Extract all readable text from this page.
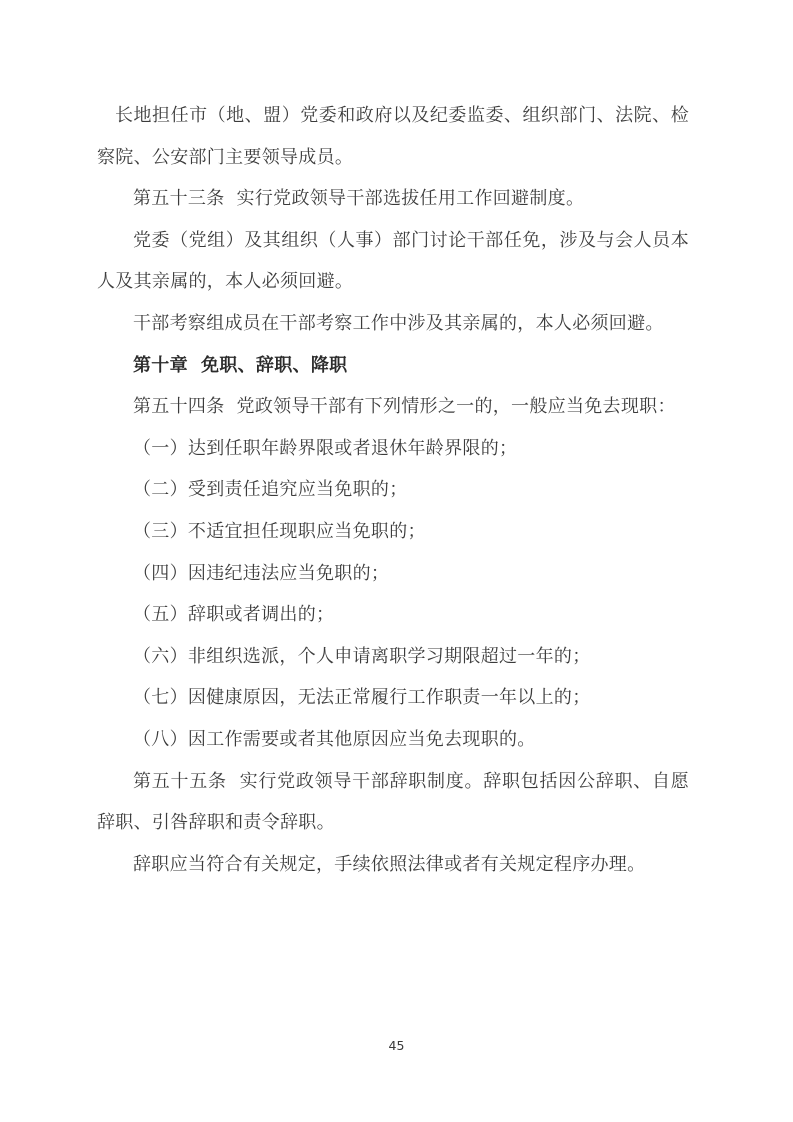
长地担任市（地、盟）党委和政府以及纪委监委、组织部门、法院、检
察院、公安部门主要领导成员。
第五十三条  实行党政领导干部选拔任用工作回避制度。
党委（党组）及其组织（人事）部门讨论干部任免，涉及与会人员本
人及其亲属的，本人必须回避。
干部考察组成员在干部考察工作中涉及其亲属的，本人必须回避。
第十章  免职、辞职、降职
第五十四条  党政领导干部有下列情形之一的，一般应当免去现职：
（一）达到任职年龄界限或者退休年龄界限的；
（二）受到责任追究应当免职的；
（三）不适宜担任现职应当免职的；
（四）因违纪违法应当免职的；
（五）辞职或者调出的；
（六）非组织选派，个人申请离职学习期限超过一年的；
（七）因健康原因，无法正常履行工作职责一年以上的；
（八）因工作需要或者其他原因应当免去现职的。
第五十五条  实行党政领导干部辞职制度。辞职包括因公辞职、自愿
辞职、引咎辞职和责令辞职。
辞职应当符合有关规定，手续依照法律或者有关规定程序办理。
45
